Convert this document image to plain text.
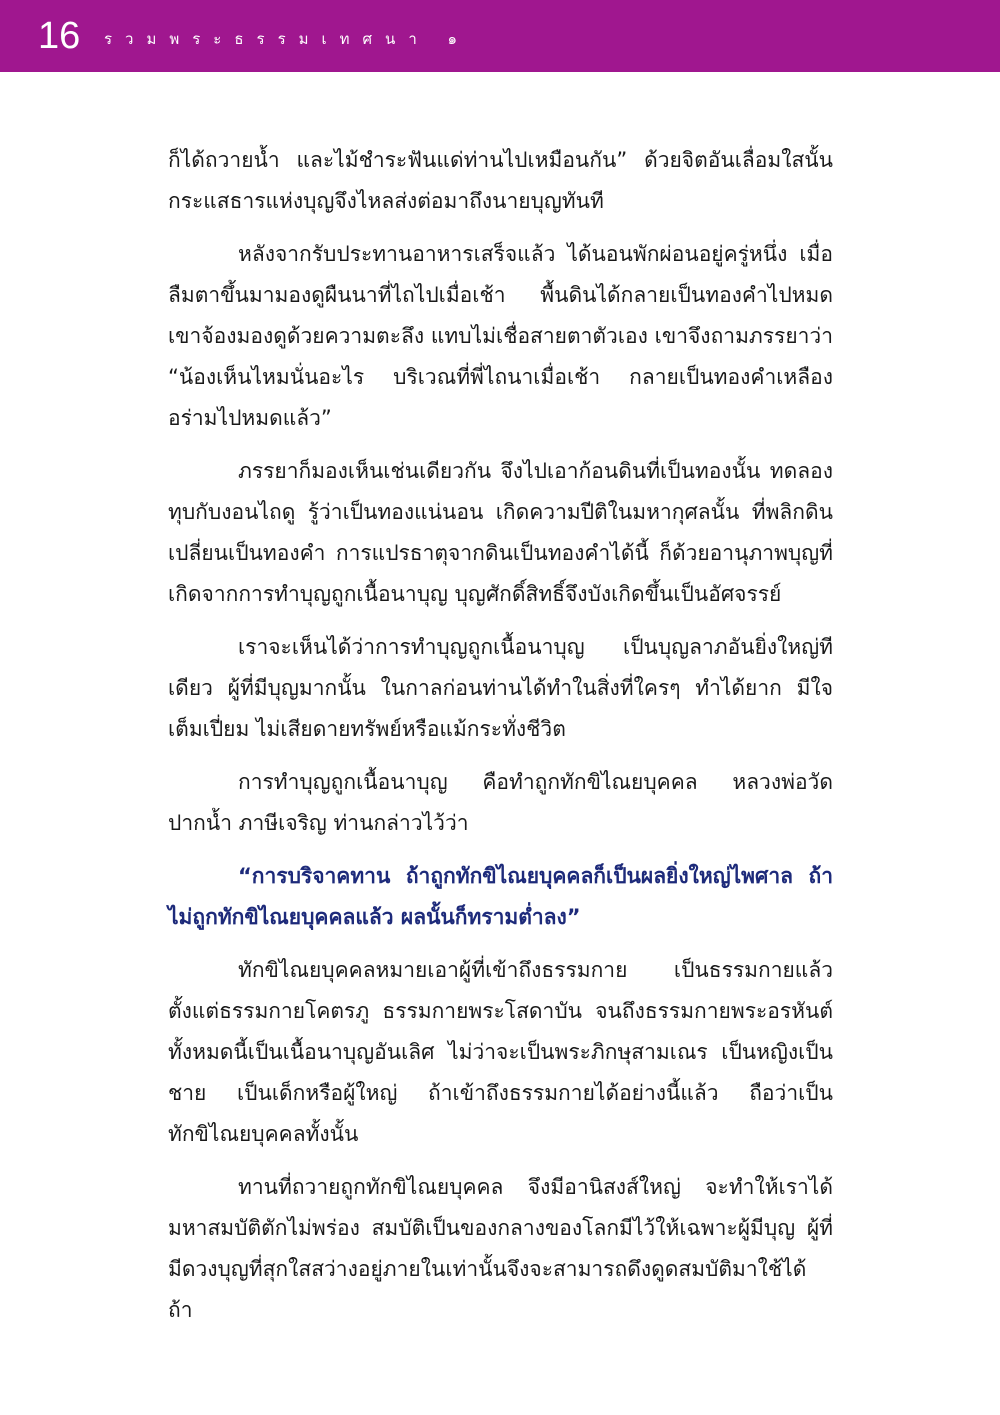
16 รวมพระธรรมเทศนา ๑

ก็ได้ถวายน้ำ และไม้ชำระฟันแด่ท่านไปเหมือนกัน” ด้วยจิตอันเลื่อมใสนั้น กระแสธารแห่งบุญจึงไหลส่งต่อมาถึงนายบุญทันที

หลังจากรับประทานอาหารเสร็จแล้ว ได้นอนพักผ่อนอยู่ครู่หนึ่ง เมื่อลืมตาขึ้นมามองดูผืนนาที่ไถไปเมื่อเช้า พื้นดินได้กลายเป็นทองคำไปหมด เขาจ้องมองดูด้วยความตะลึง แทบไม่เชื่อสายตาตัวเอง เขาจึงถามภรรยาว่า “น้องเห็นไหมนั่นอะไร บริเวณที่พี่ไถนาเมื่อเช้า กลายเป็นทองคำเหลืองอร่ามไปหมดแล้ว”

ภรรยาก็มองเห็นเช่นเดียวกัน จึงไปเอาก้อนดินที่เป็นทองนั้น ทดลองทุบกับงอนไถดู รู้ว่าเป็นทองแน่นอน เกิดความปีติในมหากุศลนั้น ที่พลิกดินเปลี่ยนเป็นทองคำ การแปรธาตุจากดินเป็นทองคำได้นี้ ก็ด้วยอานุภาพบุญที่เกิดจากการทำบุญถูกเนื้อนาบุญ บุญศักดิ์สิทธิ์จึงบังเกิดขึ้นเป็นอัศจรรย์

เราจะเห็นได้ว่าการทำบุญถูกเนื้อนาบุญ เป็นบุญลาภอันยิ่งใหญ่ทีเดียว ผู้ที่มีบุญมากนั้น ในกาลก่อนท่านได้ทำในสิ่งที่ใครๆ ทำได้ยาก มีใจเต็มเปี่ยม ไม่เสียดายทรัพย์หรือแม้กระทั่งชีวิต

การทำบุญถูกเนื้อนาบุญ คือทำถูกทักขิไณยบุคคล หลวงพ่อวัดปากน้ำ ภาษีเจริญ ท่านกล่าวไว้ว่า

“การบริจาคทาน ถ้าถูกทักขิไณยบุคคลก็เป็นผลยิ่งใหญ่ไพศาล ถ้าไม่ถูกทักขิไณยบุคคลแล้ว ผลนั้นก็ทรามต่ำลง”

ทักขิไณยบุคคลหมายเอาผู้ที่เข้าถึงธรรมกาย เป็นธรรมกายแล้ว ตั้งแต่ธรรมกายโคตรภู ธรรมกายพระโสดาบัน จนถึงธรรมกายพระอรหันต์ ทั้งหมดนี้เป็นเนื้อนาบุญอันเลิศ ไม่ว่าจะเป็นพระภิกษุสามเณร เป็นหญิงเป็นชาย เป็นเด็กหรือผู้ใหญ่ ถ้าเข้าถึงธรรมกายได้อย่างนี้แล้ว ถือว่าเป็นทักขิไณยบุคคลทั้งนั้น

ทานที่ถวายถูกทักขิไณยบุคคล จึงมีอานิสงส์ใหญ่ จะทำให้เราได้มหาสมบัติตักไม่พร่อง สมบัติเป็นของกลางของโลกมีไว้ให้เฉพาะผู้มีบุญ ผู้ที่มีดวงบุญที่สุกใสสว่างอยู่ภายในเท่านั้นจึงจะสามารถดึงดูดสมบัติมาใช้ได้ ถ้า
